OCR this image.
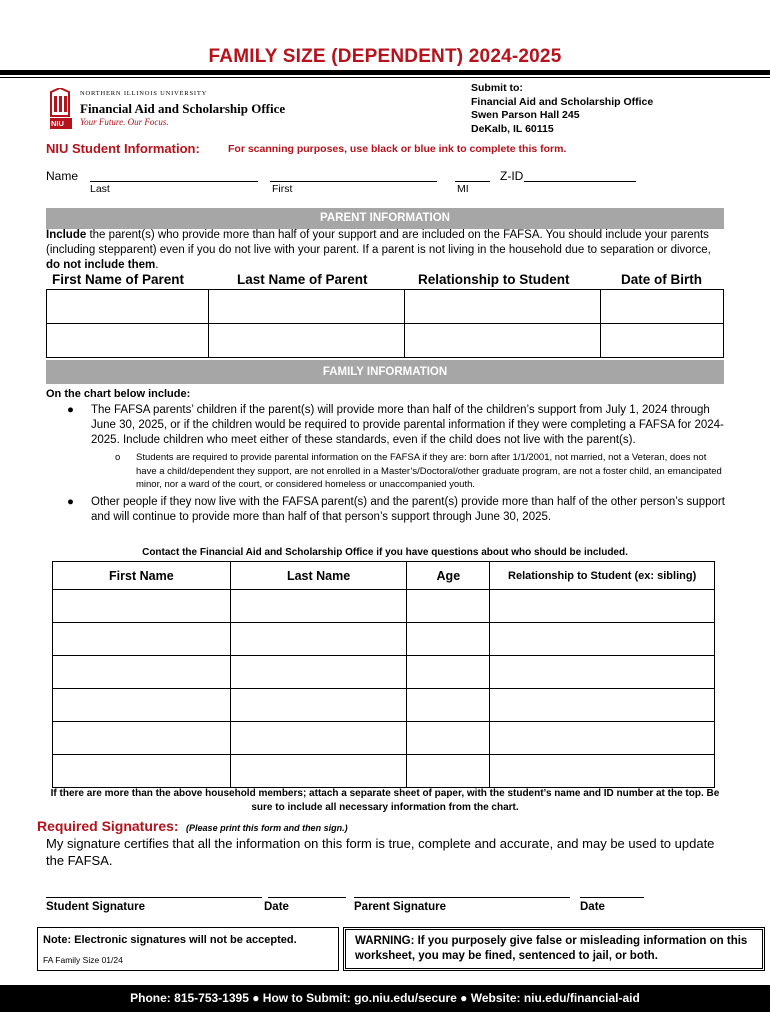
FAMILY SIZE (DEPENDENT) 2024-2025
NIU
NORTHERN ILLINOIS UNIVERSITY
Financial Aid and Scholarship Office
Your Future. Our Focus.
Submit to:
Financial Aid and Scholarship Office
Swen Parson Hall 245
DeKalb, IL 60115
NIU Student Information:	For scanning purposes, use black or blue ink to complete this form.
Name	Z-ID
Last	First	MI
PARENT INFORMATION
Include the parent(s) who provide more than half of your support and are included on the FAFSA. You should include your parents (including stepparent) even if you do not live with your parent. If a parent is not living in the household due to separation or divorce, do not include them.
First Name of Parent	Last Name of Parent	Relationship to Student	Date of Birth

FAMILY INFORMATION
On the chart below include:
● The FAFSA parents’ children if the parent(s) will provide more than half of the children’s support from July 1, 2024 through June 30, 2025, or if the children would be required to provide parental information if they were completing a FAFSA for 2024-2025. Include children who meet either of these standards, even if the child does not live with the parent(s).
o Students are required to provide parental information on the FAFSA if they are: born after 1/1/2001, not married, not a Veteran, does not have a child/dependent they support, are not enrolled in a Master’s/Doctoral/other graduate program, are not a foster child, an emancipated minor, nor a ward of the court, or considered homeless or unaccompanied youth.
● Other people if they now live with the FAFSA parent(s) and the parent(s) provide more than half of the other person’s support and will continue to provide more than half of that person’s support through June 30, 2025.
Contact the Financial Aid and Scholarship Office if you have questions about who should be included.
First Name	Last Name	Age	Relationship to Student (ex: sibling)

If there are more than the above household members; attach a separate sheet of paper, with the student’s name and ID number at the top. Be sure to include all necessary information from the chart.
Required Signatures: (Please print this form and then sign.)
My signature certifies that all the information on this form is true, complete and accurate, and may be used to update the FAFSA.
Student Signature	Date	Parent Signature	Date
Note: Electronic signatures will not be accepted.
FA Family Size 01/24
WARNING: If you purposely give false or misleading information on this worksheet, you may be fined, sentenced to jail, or both.
Phone: 815-753-1395 ● How to Submit: go.niu.edu/secure ● Website: niu.edu/financial-aid
